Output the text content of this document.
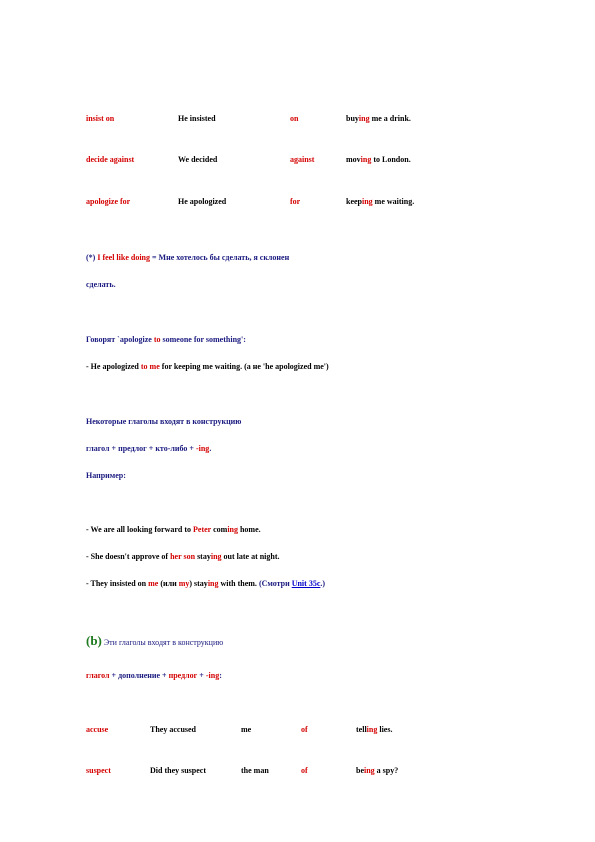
insist on	He insisted	on	buying me a drink.
decide against	We decided	against	moving to London.
apologize for	He apologized	for	keeping me waiting.
(*) I feel like doing = Мне хотелось бы сделать, я склонен
сделать.
Говорят `apologize to someone for something':
- He apologized to me for keeping me waiting. (а не 'he apologized me')
Некоторые глаголы входят в конструкцию
глагол + предлог + кто-либо + -ing.
Например:
- We are all looking forward to Peter coming home.
- She doesn't approve of her son staying out late at night.
- They insisted on me (или my) staying with them. (Смотри Unit 35c.)
(b) Эти глаголы входят в конструкцию
глагол + дополнение + предлог + -ing:
accuse	They accused	me	of	telling lies.
suspect	Did they suspect	the man	of	being a spy?
